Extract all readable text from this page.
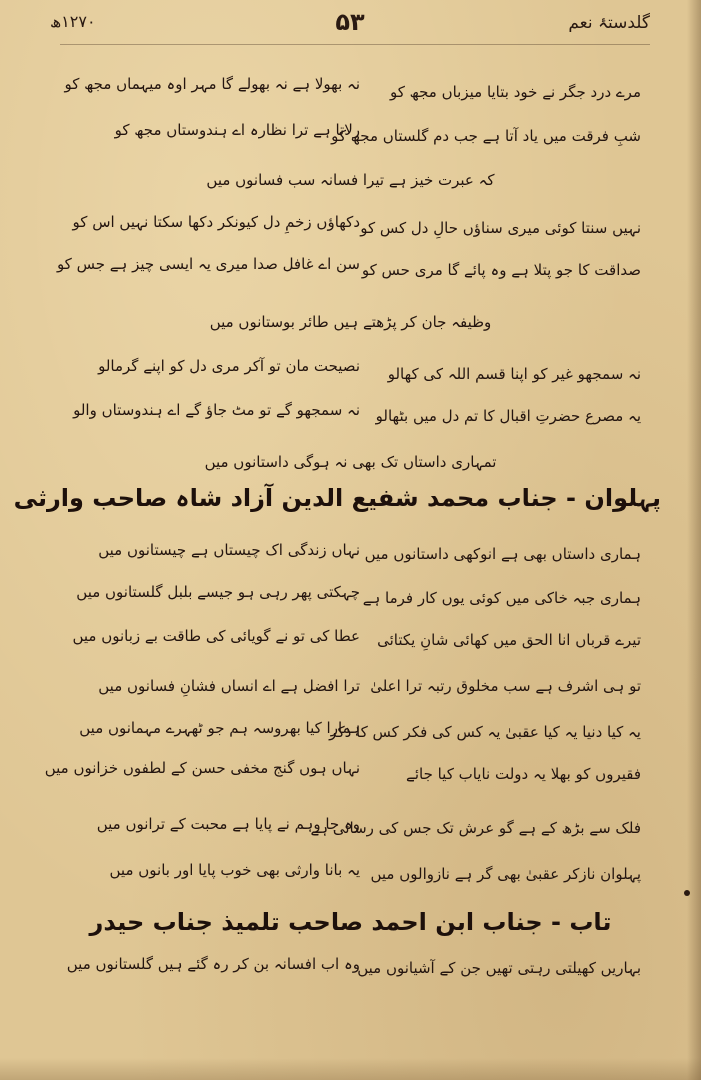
گلدستۂ نعم
۵۳
١٢٧٠ھ
مرے درد جگر نے خود بتایا میزباں مجھ کو
نہ بھولا ہے نہ بھولے گا مہر اوہ میہماں مجھ کو
شبِ فرقت میں یاد آتا ہے جب دم گلستاں مجھ کو
رلاتا ہے ترا نظارہ اے ہندوستاں مجھ کو
کہ عبرت خیز ہے تیرا فسانہ سب فسانوں میں
نہیں سنتا کوئی میری سناؤں حالِ دل کس کو
دکھاؤں زخمِ دل کیونکر دکھا سکتا نہیں اس کو
صداقت کا جو پتلا ہے وہ پائے گا مری حس کو
سن اے غافل صدا میری یہ ایسی چیز ہے جس کو
وظیفہ جان کر پڑھتے ہیں طائر بوستانوں میں
نہ سمجھو غیر کو اپنا قسم اللہ کی کھالو
نصیحت مان تو آکر مری دل کو اپنے گرمالو
یہ مصرع حضرتِ اقبال کا تم دل میں بٹھالو
نہ سمجھو گے تو مٹ جاؤ گے اے ہندوستاں والو
تمہاری داستاں تک بھی نہ ہوگی داستانوں میں
پہلوان - جناب محمد شفیع الدین آزاد شاہ صاحب وارثی
ہماری داستاں بھی ہے انوکھی داستانوں میں
نہاں زندگی اک چیستاں ہے چیستانوں میں
ہماری جبہ خاکی میں کوئی یوں کار فرما ہے
چہکتی پھر رہی ہو جیسے بلبل گلستانوں میں
تیرے قرباں انا الحق میں کھائی شانِ یکتائی
عطا کی تو نے گویائی کی طاقت بے زبانوں میں
تو ہی اشرف ہے سب مخلوق رتبہ ترا اعلیٰ
ترا افضل ہے اے انساں فشانِ فسانوں میں
یہ کیا دنیا یہ کیا عقبیٰ یہ کس کی فکر کس کا ذکر
ہمارا کیا بھروسہ ہم جو ٹھہرے مہمانوں میں
فقیروں کو بھلا یہ دولت نایاب کیا جائے
نہاں ہوں گنج مخفی حسن کے لطفوں خزانوں میں
فلک سے بڑھ کے ہے گو عرش تک جس کی رسائی ہے
وہ جا وہم نے پایا ہے محبت کے ترانوں میں
پہلوان نازکر عقبیٰ بھی گر ہے نازوالوں میں
یہ بانا وارثی بھی خوب پایا اور بانوں میں
تاب - جناب ابن احمد صاحب تلمیذ جناب حیدر
بہاریں کھیلتی رہتی تھیں جن کے آشیانوں میں
وہ اب افسانہ بن کر رہ گئے ہیں گلستانوں میں
